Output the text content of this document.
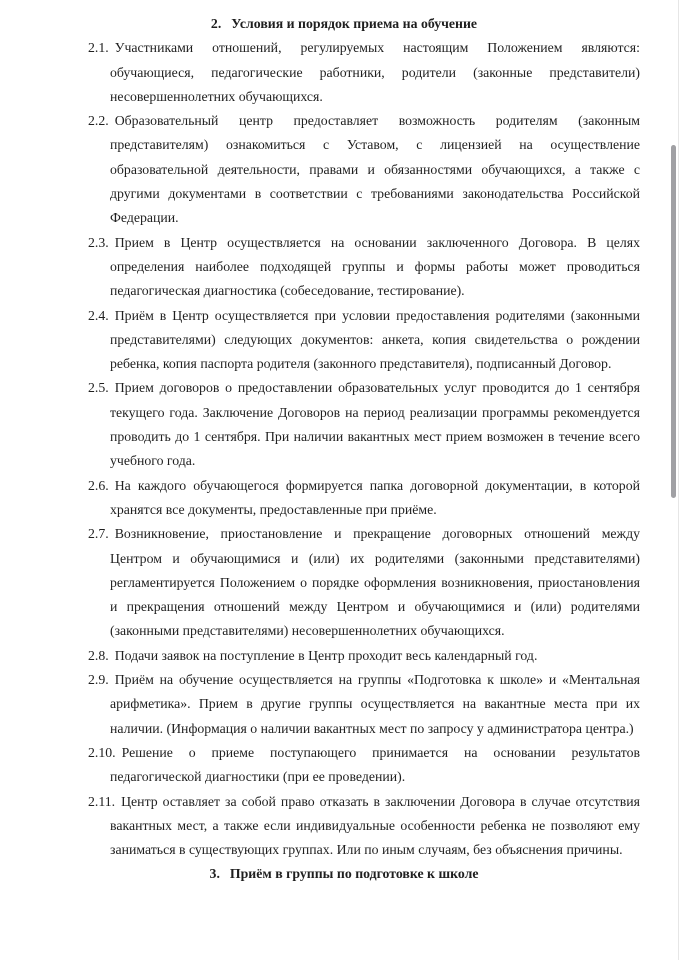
2. Условия и порядок приема на обучение
2.1. Участниками отношений, регулируемых настоящим Положением являются: обучающиеся, педагогические работники, родители (законные представители) несовершеннолетних обучающихся.
2.2. Образовательный центр предоставляет возможность родителям (законным представителям) ознакомиться с Уставом, с лицензией на осуществление образовательной деятельности, правами и обязанностями обучающихся, а также с другими документами в соответствии с требованиями законодательства Российской Федерации.
2.3. Прием в Центр осуществляется на основании заключенного Договора. В целях определения наиболее подходящей группы и формы работы может проводиться педагогическая диагностика (собеседование, тестирование).
2.4. Приём в Центр осуществляется при условии предоставления родителями (законными представителями) следующих документов: анкета, копия свидетельства о рождении ребенка, копия паспорта родителя (законного представителя), подписанный Договор.
2.5. Прием договоров о предоставлении образовательных услуг проводится до 1 сентября текущего года. Заключение Договоров на период реализации программы рекомендуется проводить до 1 сентября. При наличии вакантных мест прием возможен в течение всего учебного года.
2.6. На каждого обучающегося формируется папка договорной документации, в которой хранятся все документы, предоставленные при приёме.
2.7. Возникновение, приостановление и прекращение договорных отношений между Центром и обучающимися и (или) их родителями (законными представителями) регламентируется Положением о порядке оформления возникновения, приостановления и прекращения отношений между Центром и обучающимися и (или) родителями (законными представителями) несовершеннолетних обучающихся.
2.8. Подачи заявок на поступление в Центр проходит весь календарный год.
2.9. Приём на обучение осуществляется на группы «Подготовка к школе» и «Ментальная арифметика». Прием в другие группы осуществляется на вакантные места при их наличии. (Информация о наличии вакантных мест по запросу у администратора центра.)
2.10. Решение о приеме поступающего принимается на основании результатов педагогической диагностики (при ее проведении).
2.11. Центр оставляет за собой право отказать в заключении Договора в случае отсутствия вакантных мест, а также если индивидуальные особенности ребенка не позволяют ему заниматься в существующих группах. Или по иным случаям, без объяснения причины.
3. Приём в группы по подготовке к школе
